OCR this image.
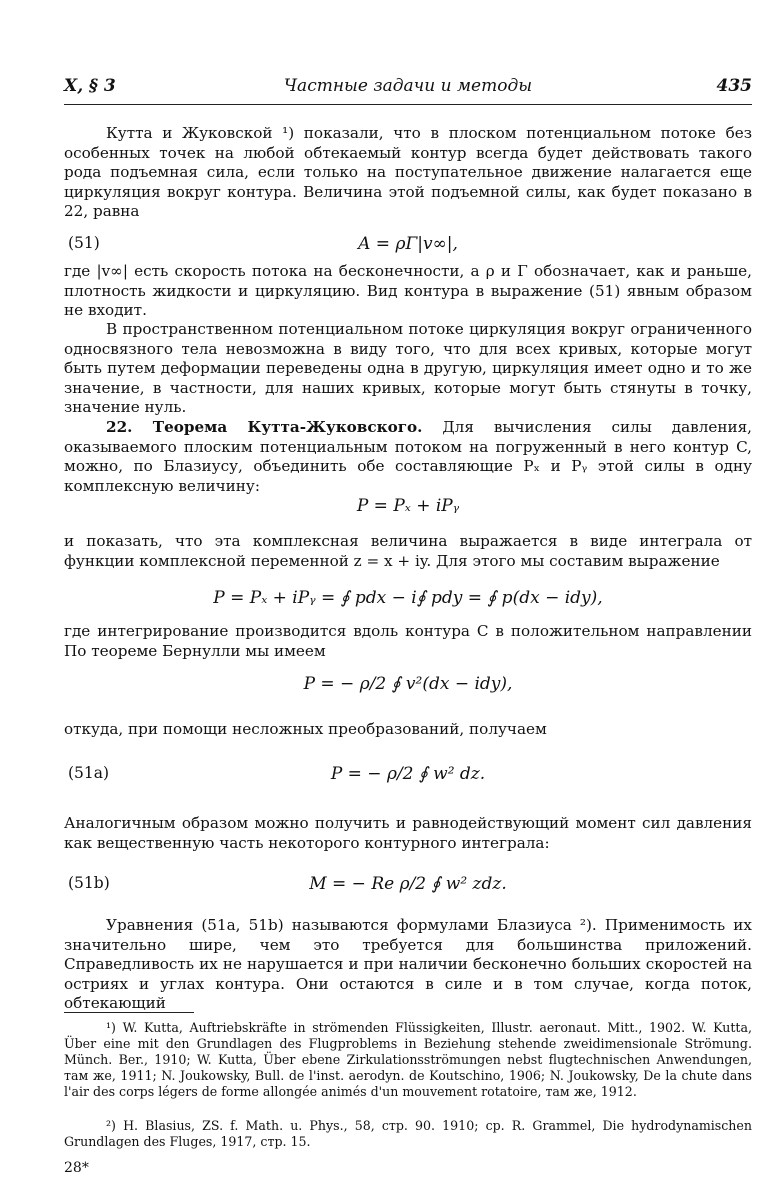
X, § 3	Частные задачи и методы	435

Кутта и Жуковской ¹) показали, что в плоском потенциальном потоке без особенных точек на любой обтекаемый контур всегда будет действовать такого рода подъемная сила, если только на поступательное движение налагается еще циркуляция вокруг контура. Величина этой подъемной силы, как будет показано в 22, равна

(51)	A = ρΓ|v∞|,

где |v∞| есть скорость потока на бесконечности, а ρ и Γ обозначает, как и раньше, плотность жидкости и циркуляцию. Вид контура в выражение (51) явным образом не входит.

В пространственном потенциальном потоке циркуляция вокруг ограниченного односвязного тела невозможна в виду того, что для всех кривых, которые могут быть путем деформации переведены одна в другую, циркуляция имеет одно и то же значение, в частности, для наших кривых, которые могут быть стянуты в точку, значение нуль.

22. Теорема Кутта-Жуковского. Для вычисления силы давления, оказываемого плоским потенциальным потоком на погруженный в него контур C, можно, по Блазиусу, объединить обе составляющие Pₓ и Pᵧ этой силы в одну комплексную величину:

P = Pₓ + iPᵧ

и показать, что эта комплексная величина выражается в виде интеграла от функции комплексной переменной z = x + iy. Для этого мы составим выражение

P = Pₓ + iPᵧ = ∮ pdx − i∮ pdy = ∮ p(dx − idy),

где интегрирование производится вдоль контура C в положительном направлении По теореме Бернулли мы имеем

P = − ρ/2 ∮ v²(dx − idy),

откуда, при помощи несложных преобразований, получаем

(51a)	P = − ρ/2 ∮ w² dz.

Аналогичным образом можно получить и равнодействующий момент сил давления как вещественную часть некоторого контурного интеграла:

(51b)	M = − Re ρ/2 ∮ w² zdz.

Уравнения (51a, 51b) называются формулами Блазиуса ²). Применимость их значительно шире, чем это требуется для большинства приложений. Справедливость их не нарушается и при наличии бесконечно больших скоростей на остриях и углах контура. Они остаются в силе и в том случае, когда поток, обтекающий

¹) W. Kutta, Auftriebskräfte in strömenden Flüssigkeiten, Illustr. aeronaut. Mitt., 1902. W. Kutta, Über eine mit den Grundlagen des Flugproblems in Beziehung stehende zweidimensionale Strömung. Münch. Ber., 1910; W. Kutta, Über ebene Zirkulationsströmungen nebst flugtechnischen Anwendungen, там же, 1911; N. Joukowsky, Bull. de l'inst. aerodyn. de Koutschino, 1906; N. Joukowsky, De la chute dans l'air des corps légers de forme allongée animés d'un mouvement rotatoire, там же, 1912.

²) H. Blasius, ZS. f. Math. u. Phys., 58, стр. 90. 1910; ср. R. Grammel, Die hydrodynamischen Grundlagen des Fluges, 1917, стр. 15.

28*
